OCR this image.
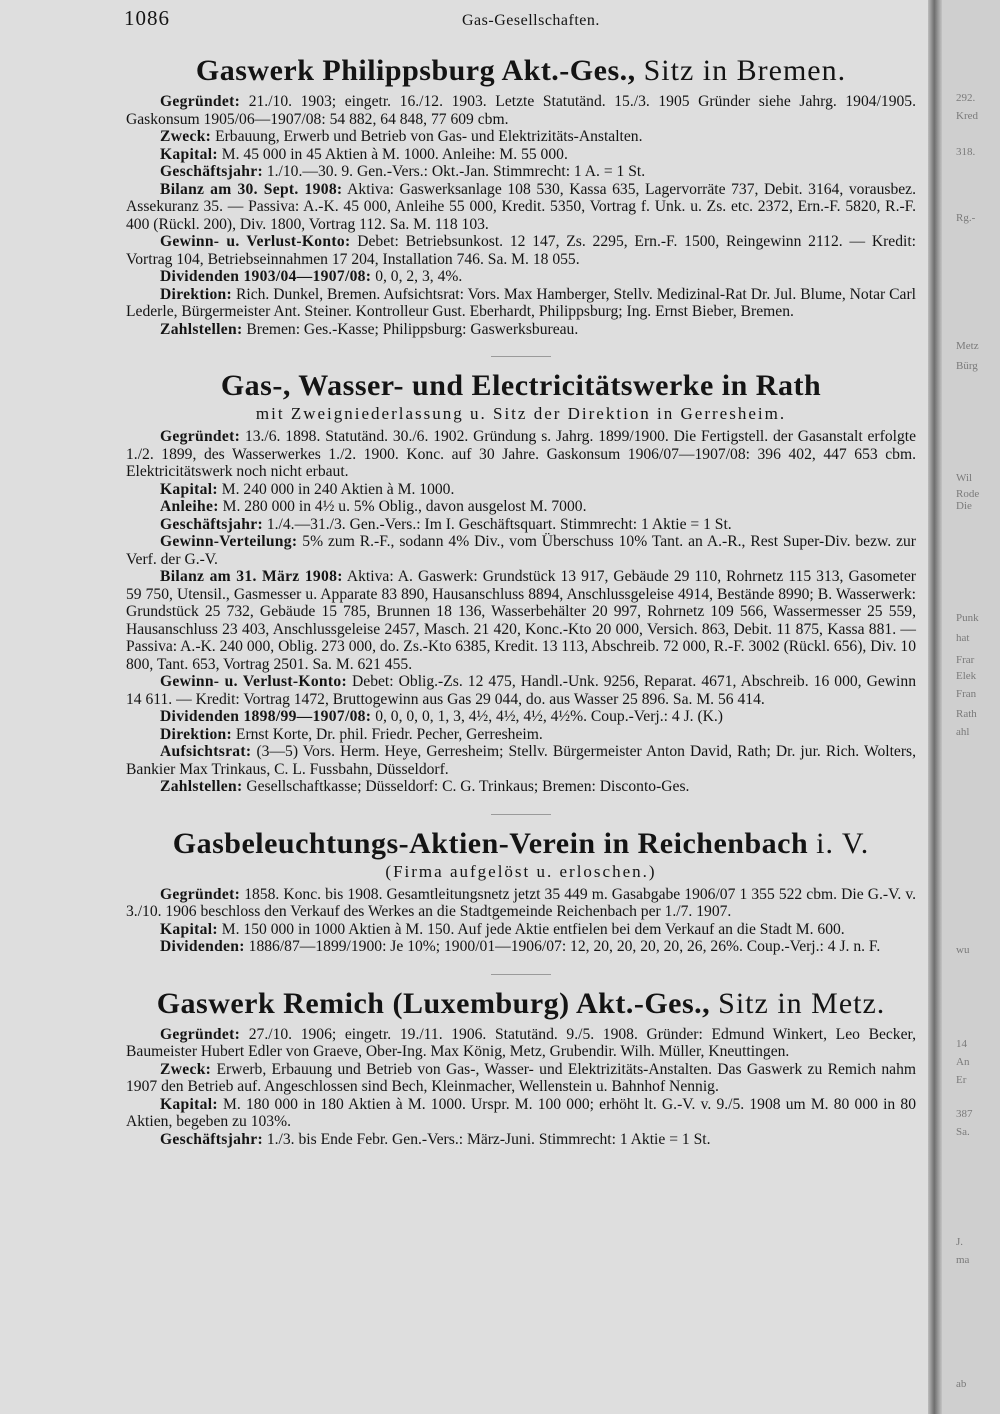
1086	Gas-Gesellschaften.
Gaswerk Philippsburg Akt.-Ges., Sitz in Bremen.

Gegründet: 21./10. 1903; eingetr. 16./12. 1903. Letzte Statutänd. 15./3. 1905 Gründer siehe Jahrg. 1904/1905. Gaskonsum 1905/06—1907/08: 54 882, 64 848, 77 609 cbm.

Zweck: Erbauung, Erwerb und Betrieb von Gas- und Elektrizitäts-Anstalten.

Kapital: M. 45 000 in 45 Aktien à M. 1000. Anleihe: M. 55 000.

Geschäftsjahr: 1./10.—30. 9. Gen.-Vers.: Okt.-Jan. Stimmrecht: 1 A. = 1 St.

Bilanz am 30. Sept. 1908: Aktiva: Gaswerksanlage 108 530, Kassa 635, Lagervorräte 737, Debit. 3164, vorausbez. Assekuranz 35. — Passiva: A.-K. 45 000, Anleihe 55 000, Kredit. 5350, Vortrag f. Unk. u. Zs. etc. 2372, Ern.-F. 5820, R.-F. 400 (Rückl. 200), Div. 1800, Vortrag 112. Sa. M. 118 103.

Gewinn- u. Verlust-Konto: Debet: Betriebsunkost. 12 147, Zs. 2295, Ern.-F. 1500, Reingewinn 2112. — Kredit: Vortrag 104, Betriebseinnahmen 17 204, Installation 746. Sa. M. 18 055.

Dividenden 1903/04—1907/08: 0, 0, 2, 3, 4%.

Direktion: Rich. Dunkel, Bremen. Aufsichtsrat: Vors. Max Hamberger, Stellv. Medizinal-Rat Dr. Jul. Blume, Notar Carl Lederle, Bürgermeister Ant. Steiner. Kontrolleur Gust. Eberhardt, Philippsburg; Ing. Ernst Bieber, Bremen.

Zahlstellen: Bremen: Ges.-Kasse; Philippsburg: Gaswerksbureau.

Gas-, Wasser- und Electricitätswerke in Rath
mit Zweigniederlassung u. Sitz der Direktion in Gerresheim.

Gegründet: 13./6. 1898. Statutänd. 30./6. 1902. Gründung s. Jahrg. 1899/1900. Die Fertigstell. der Gasanstalt erfolgte 1./2. 1899, des Wasserwerkes 1./2. 1900. Konc. auf 30 Jahre. Gaskonsum 1906/07—1907/08: 396 402, 447 653 cbm. Elektricitätswerk noch nicht erbaut.

Kapital: M. 240 000 in 240 Aktien à M. 1000.

Anleihe: M. 280 000 in 4½ u. 5% Oblig., davon ausgelost M. 7000.

Geschäftsjahr: 1./4.—31./3. Gen.-Vers.: Im I. Geschäftsquart. Stimmrecht: 1 Aktie = 1 St.

Gewinn-Verteilung: 5% zum R.-F., sodann 4% Div., vom Überschuss 10% Tant. an A.-R., Rest Super-Div. bezw. zur Verf. der G.-V.

Bilanz am 31. März 1908: Aktiva: A. Gaswerk: Grundstück 13 917, Gebäude 29 110, Rohrnetz 115 313, Gasometer 59 750, Utensil., Gasmesser u. Apparate 83 890, Hausanschluss 8894, Anschlussgeleise 4914, Bestände 8990; B. Wasserwerk: Grundstück 25 732, Gebäude 15 785, Brunnen 18 136, Wasserbehälter 20 997, Rohrnetz 109 566, Wassermesser 25 559, Hausanschluss 23 403, Anschlussgeleise 2457, Masch. 21 420, Konc.-Kto 20 000, Versich. 863, Debit. 11 875, Kassa 881. — Passiva: A.-K. 240 000, Oblig. 273 000, do. Zs.-Kto 6385, Kredit. 13 113, Abschreib. 72 000, R.-F. 3002 (Rückl. 656), Div. 10 800, Tant. 653, Vortrag 2501. Sa. M. 621 455.

Gewinn- u. Verlust-Konto: Debet: Oblig.-Zs. 12 475, Handl.-Unk. 9256, Reparat. 4671, Abschreib. 16 000, Gewinn 14 611. — Kredit: Vortrag 1472, Bruttogewinn aus Gas 29 044, do. aus Wasser 25 896. Sa. M. 56 414.

Dividenden 1898/99—1907/08: 0, 0, 0, 0, 1, 3, 4½, 4½, 4½, 4½%. Coup.-Verj.: 4 J. (K.)

Direktion: Ernst Korte, Dr. phil. Friedr. Pecher, Gerresheim.

Aufsichtsrat: (3—5) Vors. Herm. Heye, Gerresheim; Stellv. Bürgermeister Anton David, Rath; Dr. jur. Rich. Wolters, Bankier Max Trinkaus, C. L. Fussbahn, Düsseldorf.

Zahlstellen: Gesellschaftkasse; Düsseldorf: C. G. Trinkaus; Bremen: Disconto-Ges.

Gasbeleuchtungs-Aktien-Verein in Reichenbach i. V.
(Firma aufgelöst u. erloschen.)

Gegründet: 1858. Konc. bis 1908. Gesamtleitungsnetz jetzt 35 449 m. Gasabgabe 1906/07 1 355 522 cbm. Die G.-V. v. 3./10. 1906 beschloss den Verkauf des Werkes an die Stadtgemeinde Reichenbach per 1./7. 1907.

Kapital: M. 150 000 in 1000 Aktien à M. 150. Auf jede Aktie entfielen bei dem Verkauf an die Stadt M. 600.

Dividenden: 1886/87—1899/1900: Je 10%; 1900/01—1906/07: 12, 20, 20, 20, 20, 26, 26%. Coup.-Verj.: 4 J. n. F.

Gaswerk Remich (Luxemburg) Akt.-Ges., Sitz in Metz.

Gegründet: 27./10. 1906; eingetr. 19./11. 1906. Statutänd. 9./5. 1908. Gründer: Edmund Winkert, Leo Becker, Baumeister Hubert Edler von Graeve, Ober-Ing. Max König, Metz, Grubendir. Wilh. Müller, Kneuttingen.

Zweck: Erwerb, Erbauung und Betrieb von Gas-, Wasser- und Elektrizitäts-Anstalten. Das Gaswerk zu Remich nahm 1907 den Betrieb auf. Angeschlossen sind Bech, Kleinmacher, Wellenstein u. Bahnhof Nennig.

Kapital: M. 180 000 in 180 Aktien à M. 1000. Urspr. M. 100 000; erhöht lt. G.-V. v. 9./5. 1908 um M. 80 000 in 80 Aktien, begeben zu 103%.

Geschäftsjahr: 1./3. bis Ende Febr. Gen.-Vers.: März-Juni. Stimmrecht: 1 Aktie = 1 St.

292.
Kred
318.
Rg.-
Metz
Bürg
Wil
Rode
Die
Punk
hat
Frar
Elek
Fran
Rath
ahl
wu
14
An
Er
387
Sa.
J.
ma
ab
